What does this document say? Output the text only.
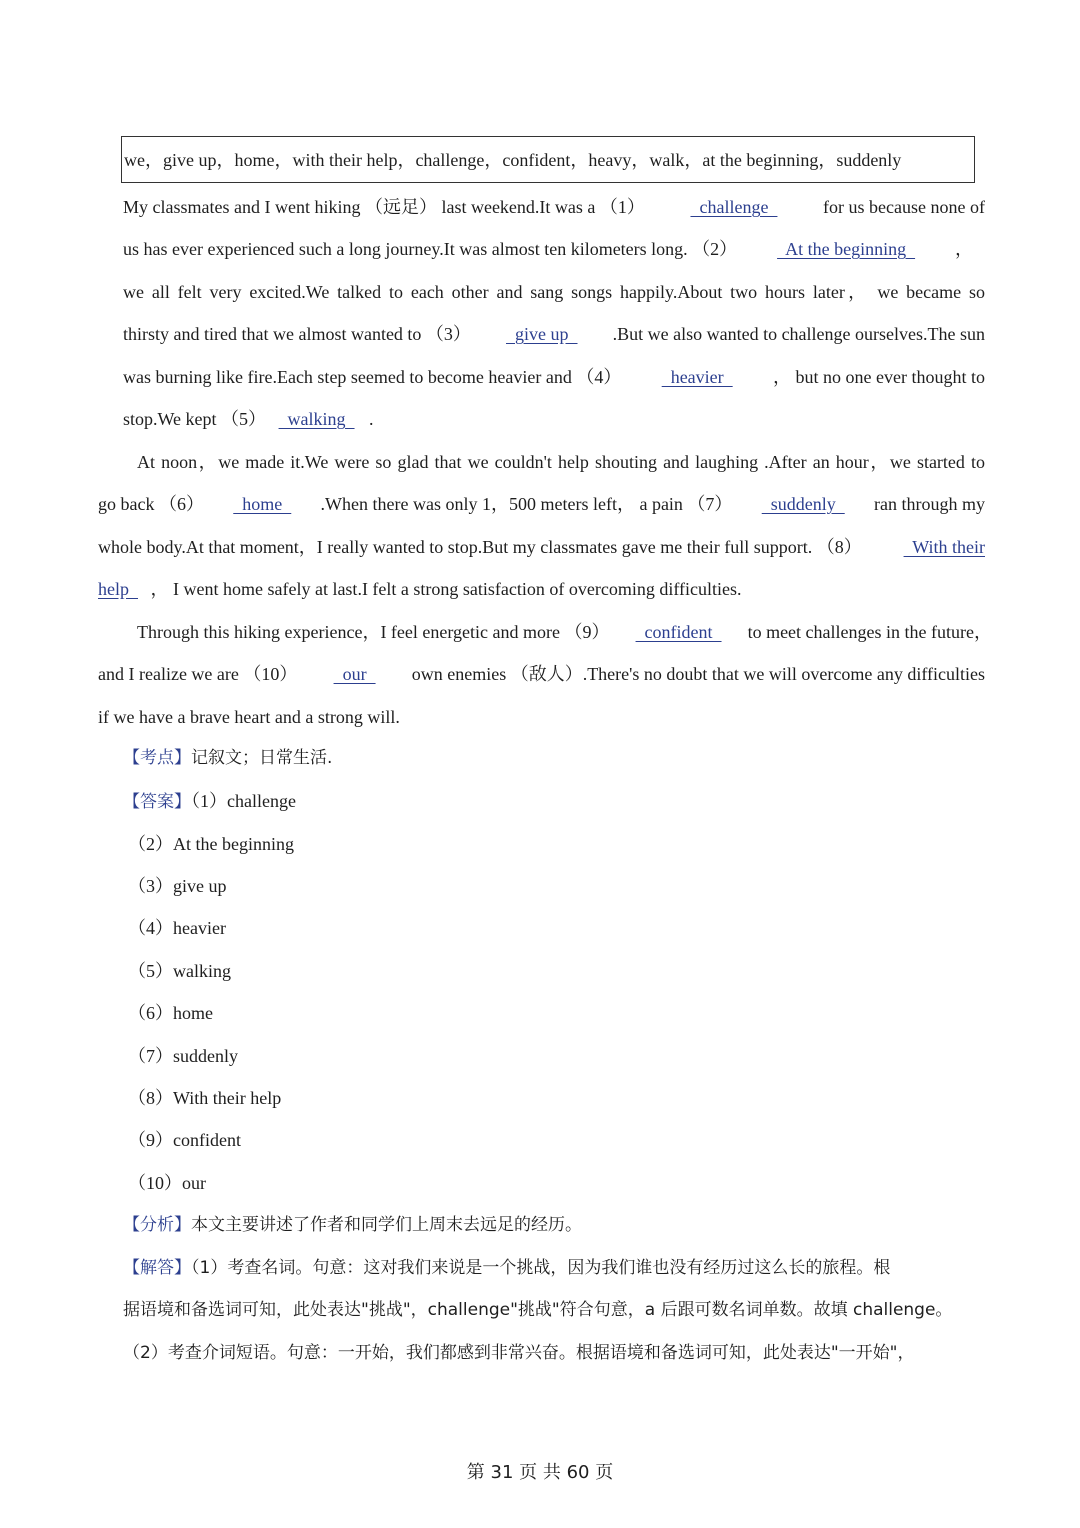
we，give up，home，with their help，challenge，confident，heavy，walk，at the beginning，suddenly
My classmates and I went hiking （远足） last weekend.It was a （1）	challenge	for us because none of
us has ever experienced such a long journey.It was almost ten kilometers long. （2） At the beginning ，
we all felt very excited.We talked to each other and sang songs happily.About two hours later， we became so
thirsty and tired that we almost wanted to （3） give up .But we also wanted to challenge ourselves.The sun
was burning like fire.Each step seemed to become heavier and （4） heavier ， but no one ever thought to
stop.We kept （5）   walking   .
At noon，we made it.We were so glad that we couldn't help shouting and laughing .After an hour，we started to
go back （6） home .When there was only 1，500 meters left， a pain （7） suddenly ran through my
whole body.At that moment，I really wanted to stop.But my classmates gave me their full support. （8） With their
help   ， I went home safely at last.I felt a strong satisfaction of overcoming difficulties.
Through this hiking experience，I feel energetic and more （9） confident to meet challenges in the future，
and I realize we are （10） our own enemies （敌人）.There's no doubt that we will overcome any difficulties
if we have a brave heart and a strong will.
【考点】记叙文；日常生活.
【答案】（1）challenge
（2）At the beginning
（3）give up
（4）heavier
（5）walking
（6）home
（7）suddenly
（8）With their help
（9）confident
（10）our
【分析】本文主要讲述了作者和同学们上周末去远足的经历。
【解答】（1）考查名词。句意：这对我们来说是一个挑战，因为我们谁也没有经历过这么长的旅程。根
据语境和备选词可知，此处表达"挑战"，challenge"挑战"符合句意，a 后跟可数名词单数。故填 challenge。
（2）考查介词短语。句意：一开始，我们都感到非常兴奋。根据语境和备选词可知，此处表达"一开始"，
第 31 页 共 60 页
